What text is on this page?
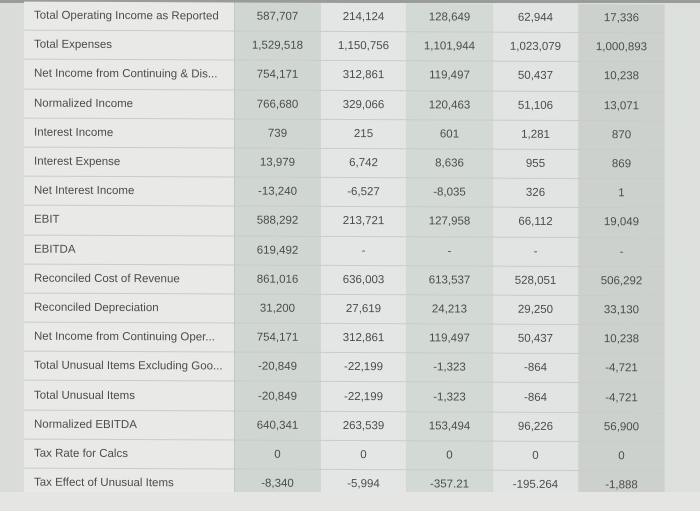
Total Operating Income as Reported	587,707	214,124	128,649	62,944	17,336
Total Expenses	1,529,518	1,150,756	1,101,944	1,023,079	1,000,893
Net Income from Continuing & Dis...	754,171	312,861	119,497	50,437	10,238
Normalized Income	766,680	329,066	120,463	51,106	13,071
Interest Income	739	215	601	1,281	870
Interest Expense	13,979	6,742	8,636	955	869
Net Interest Income	-13,240	-6,527	-8,035	326	1
EBIT	588,292	213,721	127,958	66,112	19,049
EBITDA	619,492	-	-	-	-
Reconciled Cost of Revenue	861,016	636,003	613,537	528,051	506,292
Reconciled Depreciation	31,200	27,619	24,213	29,250	33,130
Net Income from Continuing Oper...	754,171	312,861	119,497	50,437	10,238
Total Unusual Items Excluding Goo...	-20,849	-22,199	-1,323	-864	-4,721
Total Unusual Items	-20,849	-22,199	-1,323	-864	-4,721
Normalized EBITDA	640,341	263,539	153,494	96,226	56,900
Tax Rate for Calcs	0	0	0	0	0
Tax Effect of Unusual Items	-8,340	-5,994	-357.21	-195.264	-1,888
